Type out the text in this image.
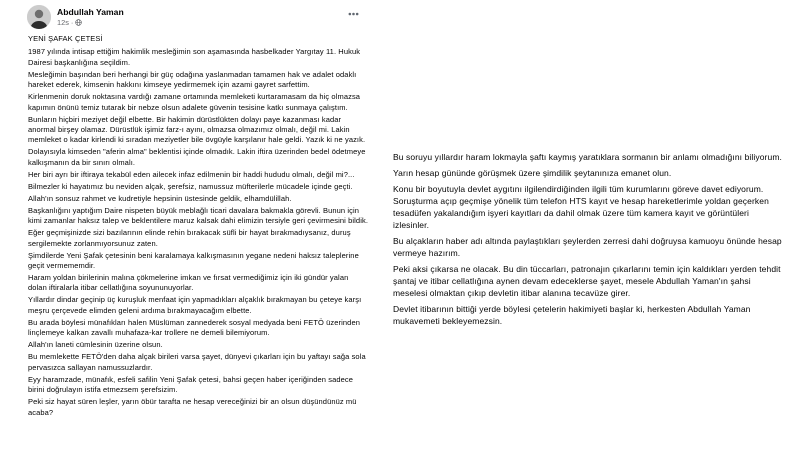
Abdullah Yaman
12s ·

YENİ ŞAFAK ÇETESİ

1987 yılında intisap ettiğim hakimlik mesleğimin son aşamasında hasbelkader Yargıtay 11. Hukuk Dairesi başkanlığına seçildim.

Mesleğimin başından beri herhangi bir güç odağına yaslanmadan tamamen hak ve adalet odaklı hareket ederek, kimsenin hakkını kimseye yedirmemek için azami gayret sarfettim.

Kirlenmenin doruk noktasına vardığı zamane ortamında memleketi kurtaramasam da hiç olmazsa kapımın önünü temiz tutarak bir nebze olsun adalete güvenin tesisine katkı sunmaya çalıştım.

Bunların hiçbiri meziyet değil elbette. Bir hakimin dürüstlükten dolayı paye kazanması kadar anormal birşey olamaz. Dürüstlük işimiz farz-ı ayını, olmazsa olmazımız olmalı, değil mi. Lakin memleket o kadar kirlendi ki sıradan meziyetler bile övgüyle karşılanır hale geldi. Yazık ki ne yazık.

Dolayısıyla kimseden "aferin alma" beklentisi içinde olmadık. Lakin iftira üzerinden bedel ödetmeye kalkışmanın da bir sınırı olmalı.

Her biri ayrı bir iftiraya tekabül eden ailecek infaz edilmenin bir haddi hududu olmalı, değil mi?...

Bilmezler ki hayatımız bu neviden alçak, şerefsiz, namussuz müfterilerle mücadele içinde geçti.

Allah'ın sonsuz rahmet ve kudretiyle hepsinin üstesinde geldik, elhamdülillah.

Başkanlığını yaptığım Daire nispeten büyük meblağlı ticari davalara bakmakla görevli. Bunun için kimi zamanlar haksız talep ve beklentilere maruz kalsak dahi elimizin tersiyle geri çevirmesini bildik.

Eğer geçmişinizde sizi bazılarının elinde rehin bırakacak süfli bir hayat bırakmadıysanız, duruş sergilemekte zorlanmıyorsunuz zaten.

Şimdilerde Yeni Şafak çetesinin beni karalamaya kalkışmasının yegane nedeni haksız taleplerine geçit vermememdir.

Haram yoldan birilerinin malına çökmelerine imkan ve fırsat vermediğimiz için iki gündür yalan dolan iftiralarla itibar cellatlığına soyununuyorlar.

Yıllardır dindar geçinip üç kuruşluk menfaat için yapmadıkları alçaklık bırakmayan bu çeteye karşı meşru çerçevede elimden geleni ardıma bırakmayacağım elbette.

Bu arada böylesi münafıkları halen Müslüman zannederek sosyal medyada beni FETÖ üzerinden linçlemeye kalkan zavallı muhafaza-kar trollere ne demeli bilemiyorum.

Allah'ın laneti cümlesinin üzerine olsun.

Bu memlekette FETÖ'den daha alçak birileri varsa şayet, dünyevi çıkarları için bu yaftayı sağa sola pervasızca sallayan namussuzlardır.

Eyy haramzade, münafık, esfeli safilin Yeni Şafak çetesi, bahsi geçen haber içeriğinden sadece birini doğrulayın istifa etmezsem şerefsizim.

Peki siz hayat süren leşler, yarın öbür tarafta ne hesap vereceğinizi bir an olsun düşündünüz mü acaba?

Bu soruyu yıllardır haram lokmayla şaftı kaymış yaratıklara sormanın bir anlamı olmadığını biliyorum.

Yarın hesap gününde görüşmek üzere şimdilik şeytanınıza emanet olun.

Konu bir boyutuyla devlet aygıtını ilgilendirdiğinden ilgili tüm kurumlarını göreve davet ediyorum. Soruşturma açıp geçmişe yönelik tüm telefon HTS kayıt ve hesap hareketlerimle yoldan geçerken tesadüfen yakalandığım işyeri kayıtları da dahil olmak üzere tüm kamera kayıt ve görüntüleri izlesinler.

Bu alçakların haber adı altında paylaştıkları şeylerden zerresi dahi doğruysa kamuoyu önünde hesap vermeye hazırım.

Peki aksi çıkarsa ne olacak. Bu din tüccarları, patronajın çıkarlarını temin için kaldıkları yerden tehdit şantaj ve itibar cellatlığına aynen devam edeceklerse şayet, mesele Abdullah Yaman'ın şahsi meselesi olmaktan çıkıp devletin itibar alanına tecavüze girer.

Devlet itibarının bittiği yerde böylesi çetelerin hakimiyeti başlar ki, herkesten Abdullah Yaman mukavemeti bekleyemezsin.
